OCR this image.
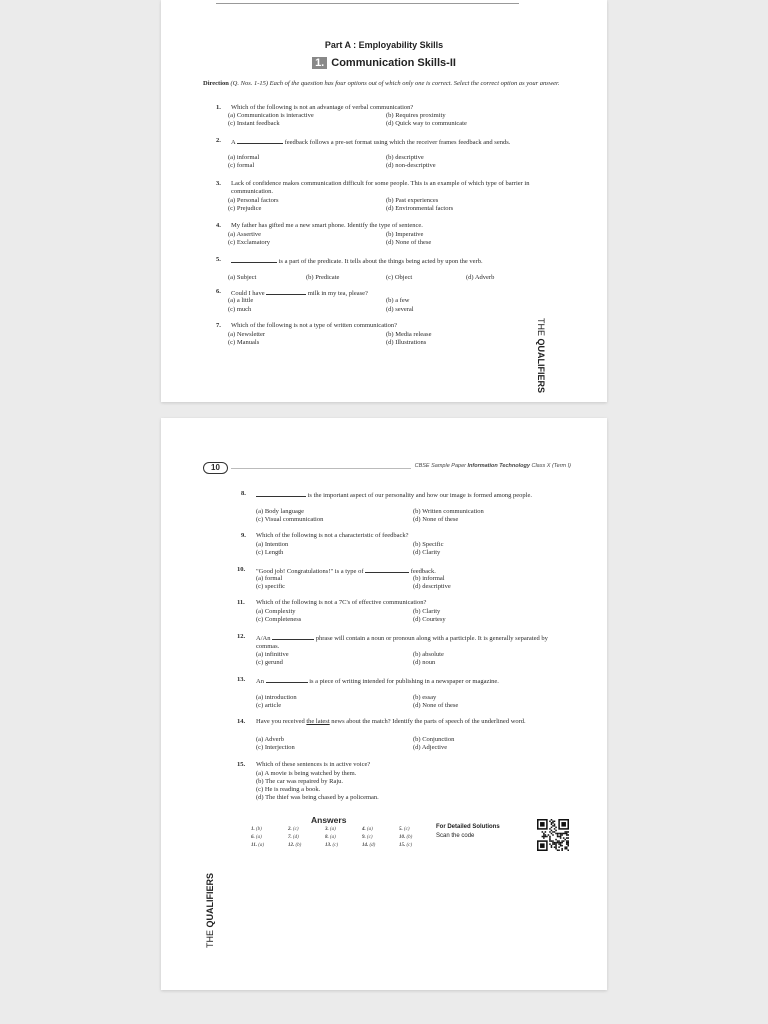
Part A : Employability Skills
1. Communication Skills-II
Direction (Q. Nos. 1-15) Each of the question has four options out of which only one is correct. Select the correct option as your answer.
1. Which of the following is not an advantage of verbal communication?
(a) Communication is interactive	(b) Requires proximity
(c) Instant feedback	(d) Quick way to communicate
2. A	feedback follows a pre-set format using which the receiver frames feedback and sends.
(a) informal	(b) descriptive
(c) formal	(d) non-descriptive
3. Lack of confidence makes communication difficult for some people. This is an example of which type of barrier in communication.
(a) Personal factors	(b) Past experiences
(c) Prejudice	(d) Environmental factors
4. My father has gifted me a new smart phone. Identify the type of sentence.
(a) Assertive	(b) Imperative
(c) Exclamatory	(d) None of these
5.	is a part of the predicate. It tells about the things being acted by upon the verb.
(a) Subject	(b) Predicate	(c) Object	(d) Adverb
6. Could I have	milk in my tea, please?
(a) a little	(b) a few
(c) much	(d) several
7. Which of the following is not a type of written communication?
(a) Newsletter	(b) Media release
(c) Manuals	(d) Illustrations
THE QUALIFIERS
10	CBSE Sample Paper Information Technology Class X (Term I)
8.	is the important aspect of our personality and how our image is formed among people.
(a) Body language	(b) Written communication
(c) Visual communication	(d) None of these
9. Which of the following is not a characteristic of feedback?
(a) Intention	(b) Specific
(c) Length	(d) Clarity
10. "Good job! Congratulations!" is a type of	feedback.
(a) formal	(b) informal
(c) specific	(d) descriptive
11. Which of the following is not a 7C's of effective communication?
(a) Complexity	(b) Clarity
(c) Completeness	(d) Courtesy
12. A/An	phrase will contain a noun or pronoun along with a participle. It is generally separated by commas.
(a) infinitive	(b) absolute
(c) gerund	(d) noun
13. An	is a piece of writing intended for publishing in a newspaper or magazine.
(a) introduction	(b) essay
(c) article	(d) None of these
14. Have you received the latest news about the match? Identify the parts of speech of the underlined word.
(a) Adverb	(b) Conjunction
(c) Interjection	(d) Adjective
15. Which of these sentences is in active voice?
(a) A movie is being watched by them.
(b) The car was repaired by Raju.
(c) He is reading a book.
(d) The thief was being chased by a policeman.
Answers
1. (b)	2. (c)	3. (a)	4. (a)	5. (c)
6. (a)	7. (d)	8. (a)	9. (c)	10. (b)
11. (a)	12. (b)	13. (c)	14. (d)	15. (c)
For Detailed Solutions
Scan the code
THE QUALIFIERS
